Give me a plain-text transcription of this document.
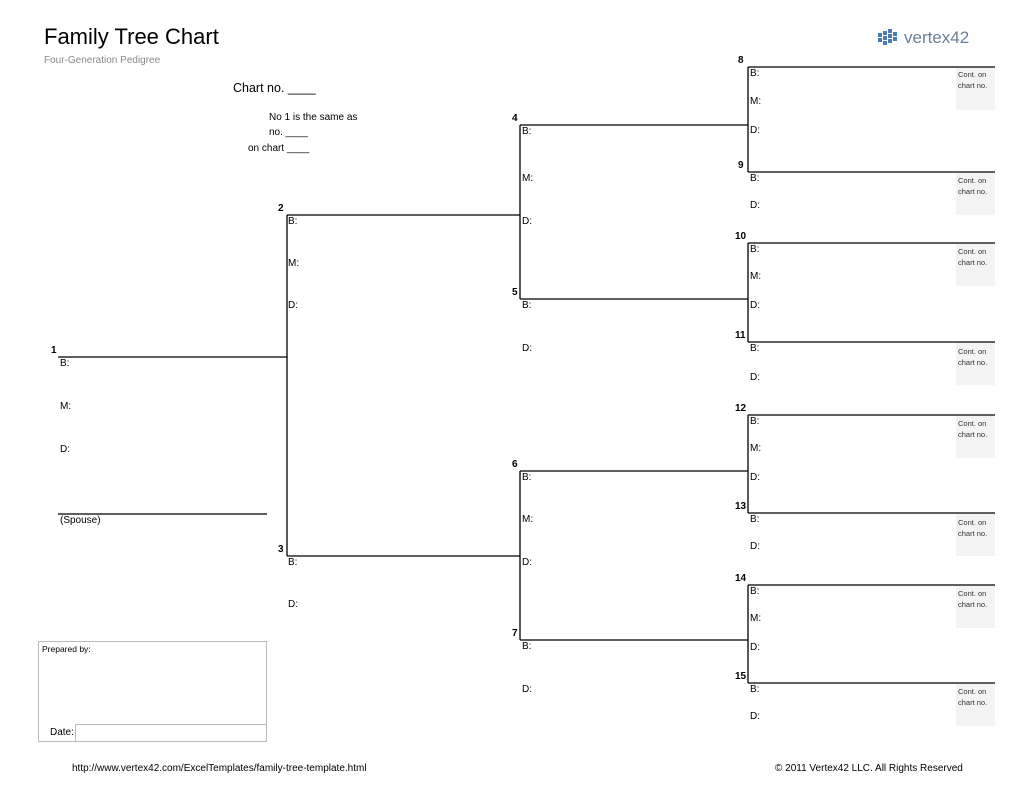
Family Tree Chart
Four-Generation Pedigree
vertex42
Chart no. ____
No 1 is the same as
no. ____
on chart ____
1
B:
M:
D:
(Spouse)
2
B:
M:
D:
3
B:
D:
4
B:
M:
D:
5
B:
D:
6
B:
M:
D:
7
B:
D:
8
B:
M:
D:
Cont. on
chart no.
9
B:
D:
Cont. on
chart no.
10
B:
M:
D:
Cont. on
chart no.
11
B:
D:
Cont. on
chart no.
12
B:
M:
D:
Cont. on
chart no.
13
B:
D:
Cont. on
chart no.
14
B:
M:
D:
Cont. on
chart no.
15
B:
D:
Cont. on
chart no.
Prepared by:
Date:
http://www.vertex42.com/ExcelTemplates/family-tree-template.html	© 2011 Vertex42 LLC. All Rights Reserved
